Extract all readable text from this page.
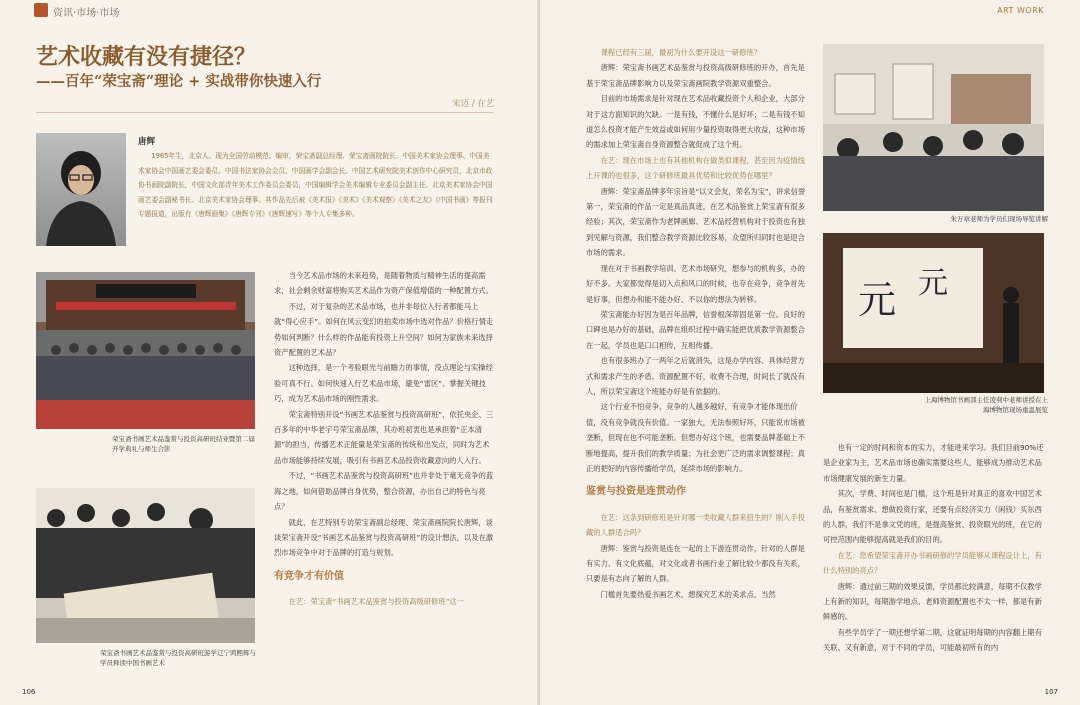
资讯·市场·市场
艺术收藏有没有捷径？
——百年“荣宝斋”理论 + 实战带你快速入行
宋迈 / 在艺
唐辉
1965年生，北京人。现为全国劳动模范、编审，荣宝斋副总经理、荣宝斋画院院长、中国美术家协会理事、中国美术家协会中国画艺委会委员、中国书法家协会会员、中国画学会副会长、中国艺术研究院美术创作中心研究员，北京市政协书画院副院长，中国文化部青年美术工作委员会委员，中国编辑学会美术编辑专业委员会副主任、北京美术家协会中国画艺委会副秘书长、北京美术家协会理事。其作品先后被《美术报》《美术》《美术观察》《美术之友》《中国书画》等报刊专题报道，出版有《唐辉画集》《唐辉专刊》《唐辉速写》等个人专集多种。
荣宝斋书画艺术品鉴赏与投资高研班结业暨第二届开学典礼与师生合影
荣宝斋书画艺术品鉴赏与投资高研班游学辽宁鸿熙辉与学员释读中国书画艺术

当今艺术品市场的未来趋势，是随着物质与精神生活的提高需求，社会剩余财富将购买艺术品作为资产保值增值的一种配置方式。

不过，对于复杂的艺术品市场，也并非每位入行者都能马上就“得心应手”。如何在风云变幻的拍卖市场中选对作品？价格行情走势如何判断？什么样的作品能有投资上升空间？如何为家族未来选择资产配置的艺术品？

这种选择，是一个考验眼光与前瞻力的事情，没点理论与实操经验可真不行。如何快速入行艺术品市场，避免“雷区”、掌握关键技巧，成为艺术品市场的刚性需求。

荣宝斋特别开设“书画艺术品鉴赏与投资高研班”，依托央企、三百多年的中华老字号荣宝斋品牌，其办班初衷也是承担着“正本清源”的担当，传播艺术正能量是荣宝斋的传统和出发点，同时为艺术品市场能够持续发展，吸引有书画艺术品投资收藏意向的人入行。

不过，“书画艺术品鉴赏与投资高研班”也并非处于毫无竞争的蓝海之地，如何借助品牌自身优势，整合资源，办出自己的特色与亮点？

就此，在艺特别专访荣宝斋副总经理、荣宝斋画院院长唐辉，谈谈荣宝斋开设“书画艺术品鉴赏与投资高研班”的设计想法，以及在激烈市场竞争中对于品牌的打造与规划。

有竞争才有价值

在艺：荣宝斋“书画艺术品鉴赏与投资高级研修班”这一

106
ART WORK

课程已经有三届，最初为什么要开设这一研修班？

唐辉：荣宝斋书画艺术品鉴赏与投资高级研修班的开办，首先是基于荣宝斋品牌影响力以及荣宝斋画院教学资源双重整合。

目前的市场需求是针对现在艺术品收藏投资个人和企业，大部分对于这方面知识的欠缺。一是有钱，不懂什么是好坏；二是有钱不知道怎么投资才能产生效益或如何用少量投资取得更大收益，这种市场的需求加上荣宝斋自身资源整合就促成了这个班。

在艺：现在市场上也有其他机构在做类似课程，甚至因为疫情线上开课的也很多，这个研修班最具优势和比较优势在哪里？

唐辉：荣宝斋品牌多年宗旨是“以文会友，荣名为宝”，讲求信誉第一，荣宝斋的作品一定是真品真迹，在艺术品鉴赏上荣宝斋有很多经验；其次，荣宝斋作为老牌画廊、艺术品经营机构对于投资也有独到见解与资源，我们整合教学资源比较容易，众望所归同时也是迎合市场的需求。

现在对于书画教学培训、艺术市场研究，想参与的机构多，办的好不多。大家都觉得是切入点和风口的时候，也存在竞争，竞争首先是好事，但想办和能不能办好、不以你的想法为转移。

荣宝斋能办好因为是百年品牌，信誉根深蒂固是第一位。良好的口碑也是办好的基础，品牌在组织过程中确实能把优质教学资源整合在一起，学员也是口口相传，互相传播。

也有很多班办了一两年之后就消失，这是办学内容、具体经营方式和需求产生的矛盾。资源配置不好，收费不合理，时间长了就没有人，所以荣宝斋这个班能办好是有依据的。

这个行业不怕竞争，竞争的人越多越好，有竞争才能体现出价值，没有竞争就没有价值。一家独大，无法参照好坏，只能说市场被垄断，但现在也不可能垄断。但想办好这个班，也需要品牌基础上不断地提高，提升我们的教学质量；为社会更广泛的需求调整课程；真正的把好的内容传播给学员，延续市场的影响力。

鉴赏与投资是连贯动作

在艺：这条到研修班是针对哪一类收藏人群来招生的？刚入手投藏的人群适合吗？

唐辉：鉴赏与投资是连在一起的上下游连贯动作，针对的人群是有实力、有文化底蕴，对文化或者书画行业了解比较少都没有关系，只要是有志向了解的人群。

门槛首先要热爱书画艺术，想探究艺术的美求点，当然

朱万章老师为学员们现场导览讲解
元 元
上海博物馆书画部主任凌利中老师讲授在上海博物馆现场重温展览

也有一定的时间和资本的实力，才能进来学习。我们目前90%还是企业家为主，艺术品市场也确实需要这些人，能够成为推动艺术品市场健康发展的新生力量。

其次，学费、时间也是门槛，这个班是针对真正的喜欢中国艺术品，有鉴赏需求、想做投资行家，还要有点经济实力（闲钱）买东西的人群，我们不是拿文凭的班，是提高鉴赏、投资眼光的班，在它的可控范围内能够提高就是我们的目的。

在艺：您希望荣宝斋开办书画研修的学员能够从课程设计上，有什么特别的亮点？

唐辉：通过前三期的效果反馈，学员都比较满意，每期不仅教学上有新的知识，每期游学地点、老师资源配置也不太一样，都是有新鲜感的。

有些学员学了一期还想学第二期，这就证明每期的内容翻上期有关联、又有新意，对于不同的学员，可能最初所有的内

107
